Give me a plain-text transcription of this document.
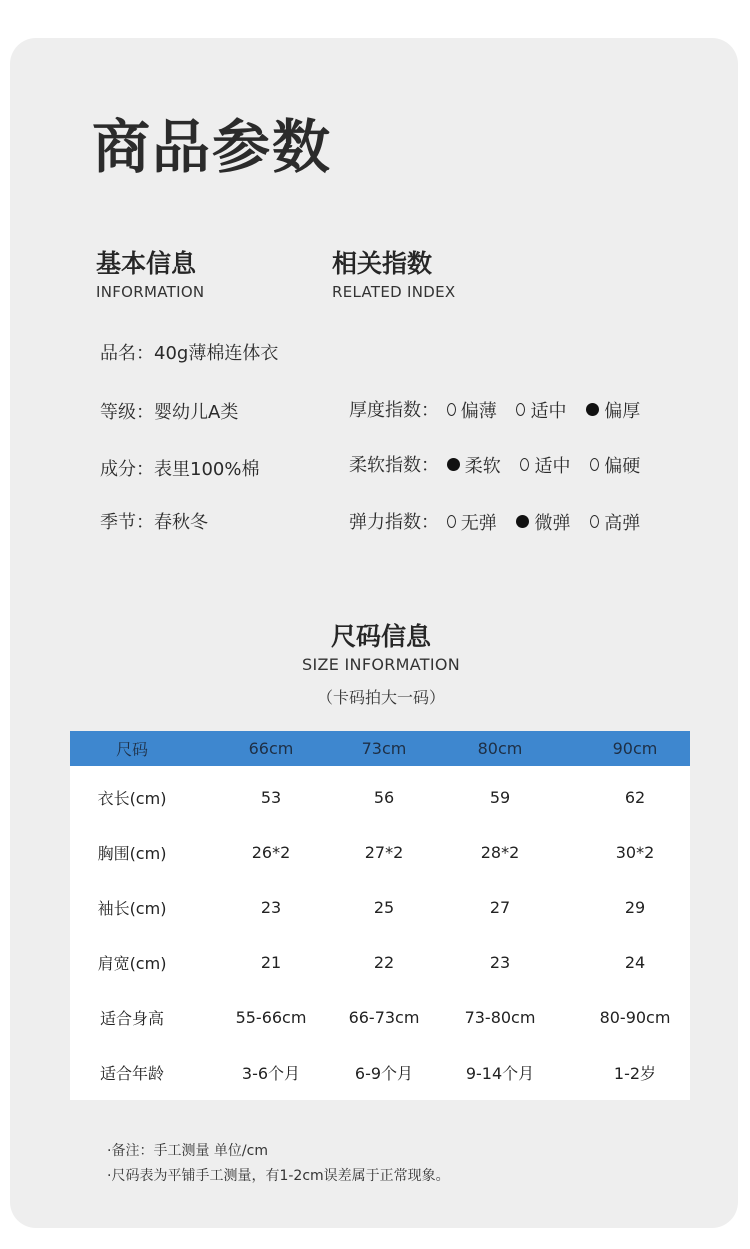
商品参数
基本信息
INFORMATION
品名：40g薄棉连体衣
等级：婴幼儿A类
成分：表里100%棉
季节：春秋冬
相关指数
RELATED INDEX
厚度指数： 偏薄
适中
偏厚
柔软指数： 柔软
适中
偏硬
弹力指数： 无弹
微弹
高弹
尺码信息
SIZE INFORMATION
（卡码拍大一码）
尺码	66cm	73cm	80cm	90cm
衣长(cm)	53	56	59	62
胸围(cm)	26*2	27*2	28*2	30*2
袖长(cm)	23	25	27	29
肩宽(cm)	21	22	23	24
适合身高	55-66cm	66-73cm	73-80cm	80-90cm
适合年龄	3-6个月	6-9个月	9-14个月	1-2岁
·备注：手工测量 单位/cm
·尺码表为平铺手工测量，有1-2cm误差属于正常现象。
